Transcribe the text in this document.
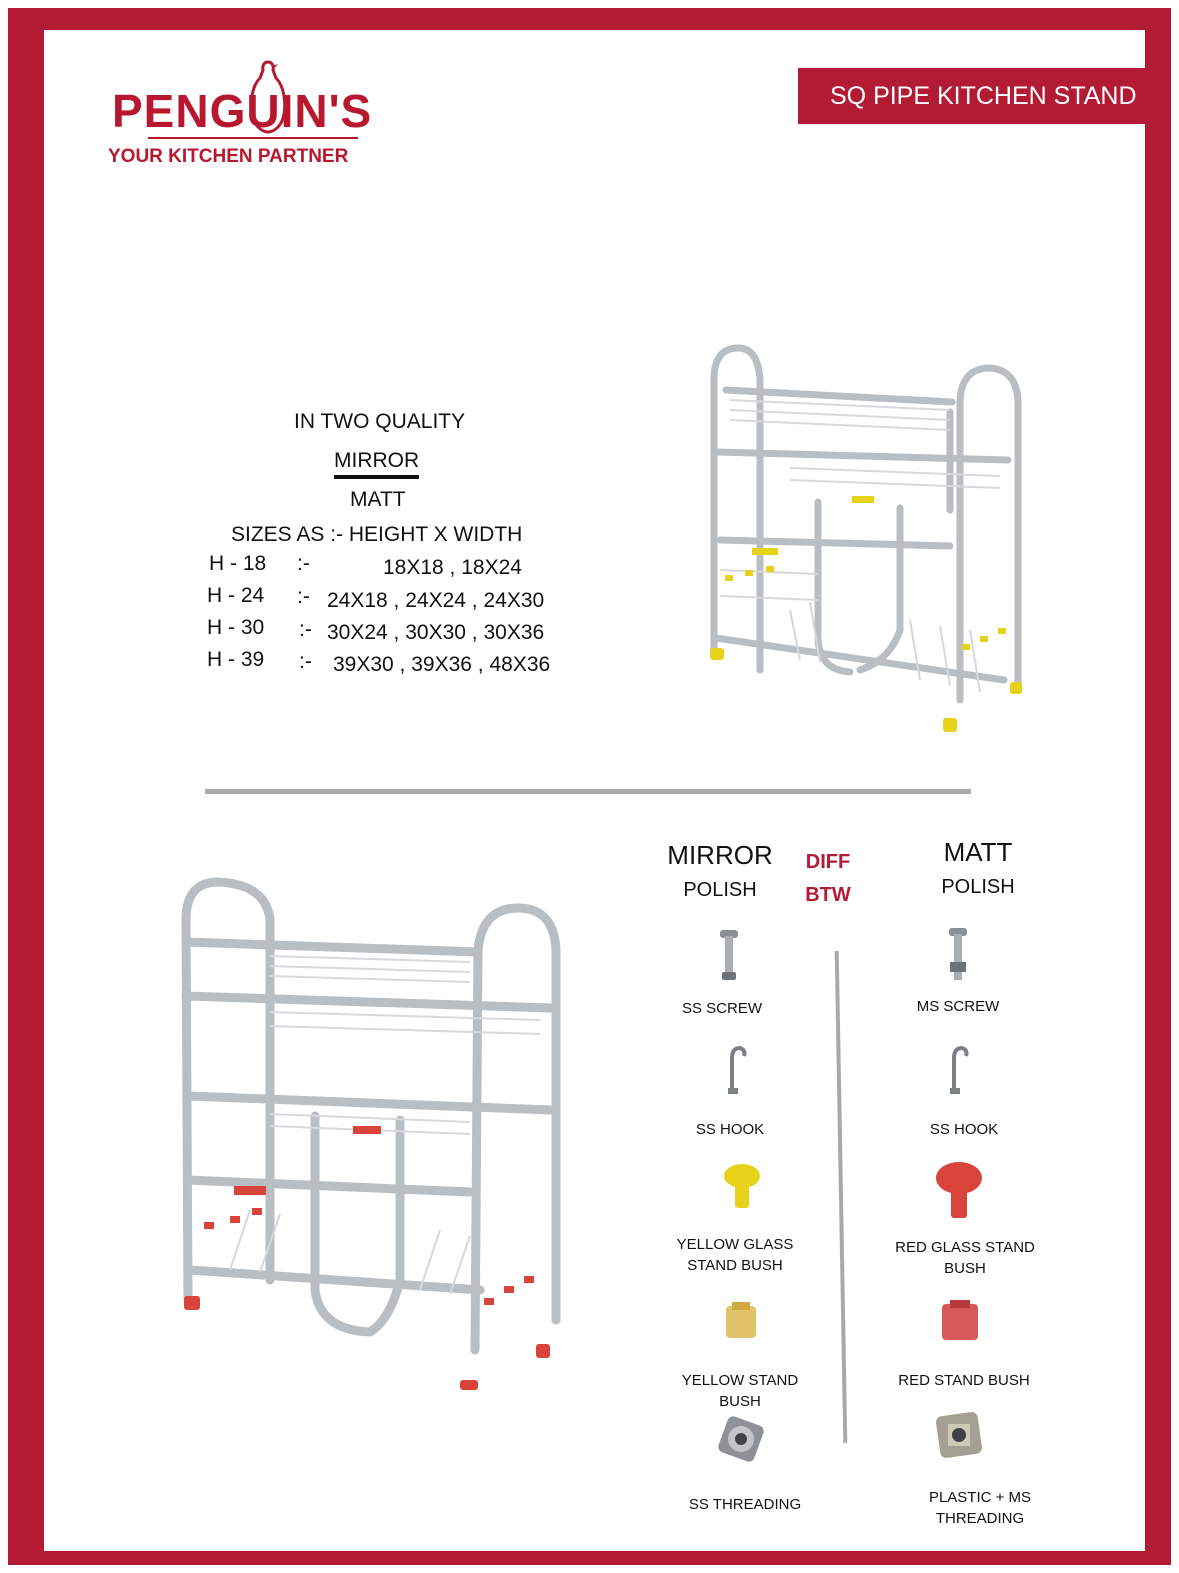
PENGUIN'S
YOUR KITCHEN PARTNER
SQ PIPE KITCHEN STAND
IN TWO QUALITY
MIRROR
MATT
SIZES AS :- HEIGHT X WIDTH
H - 18 :-	18X18 , 18X24
H - 24 :- 24X18 , 24X24 , 24X30
H - 30 :- 30X24 , 30X30 , 30X36
H - 39 :- 39X30 , 39X36 , 48X36
MIRROR
POLISH
DIFF
BTW
MATT
POLISH
SS SCREW
SS HOOK
YELLOW GLASS STAND BUSH
YELLOW STAND BUSH
SS THREADING
MS SCREW
SS HOOK
RED GLASS STAND BUSH
RED STAND BUSH
PLASTIC + MS THREADING
